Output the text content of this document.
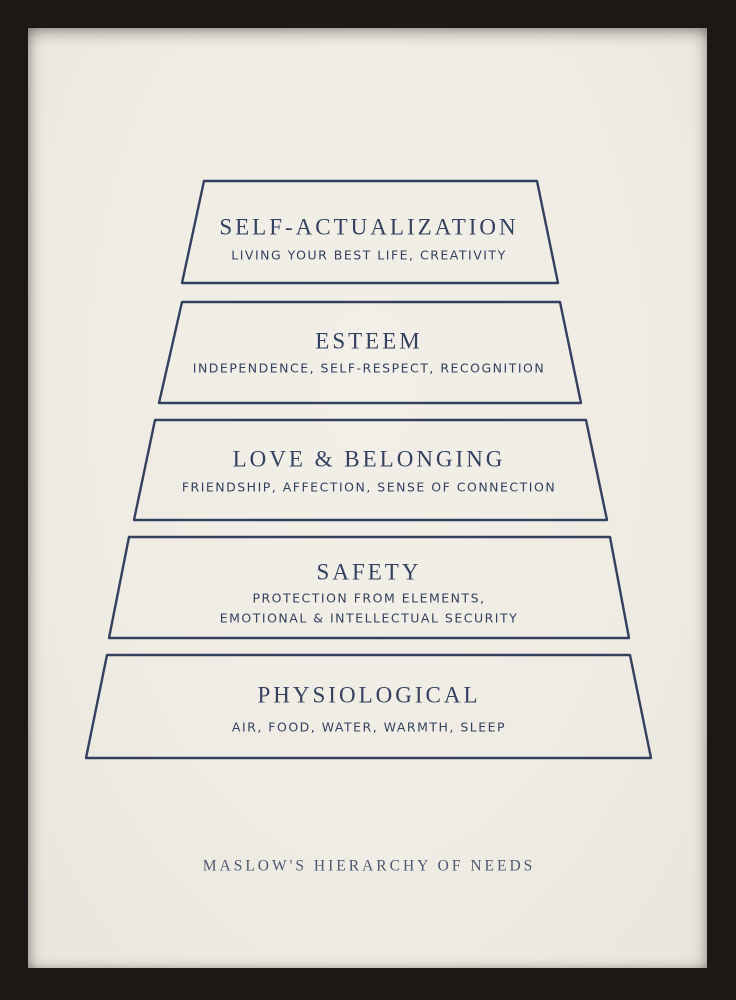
SELF-ACTUALIZATION
LIVING YOUR BEST LIFE, CREATIVITY
ESTEEM
INDEPENDENCE, SELF-RESPECT, RECOGNITION
LOVE & BELONGING
FRIENDSHIP, AFFECTION, SENSE OF CONNECTION
SAFETY
PROTECTION FROM ELEMENTS,
EMOTIONAL & INTELLECTUAL SECURITY
PHYSIOLOGICAL
AIR, FOOD, WATER, WARMTH, SLEEP
MASLOW'S HIERARCHY OF NEEDS
